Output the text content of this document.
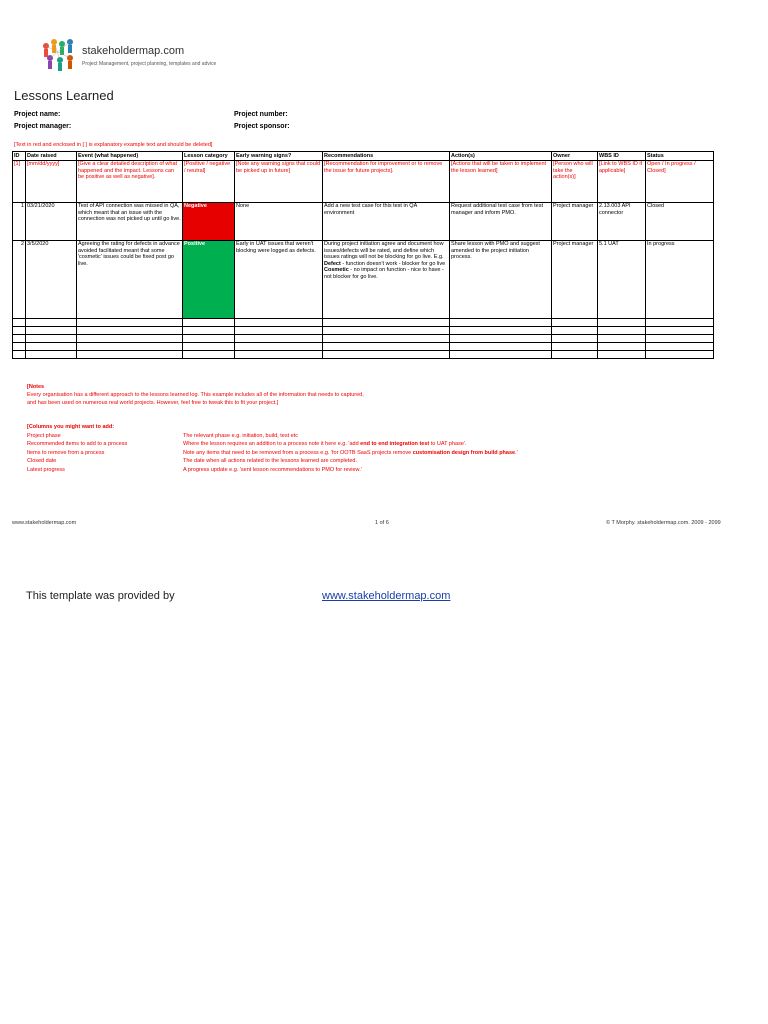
stakeholdermap.com
Project Management, project planning, templates and advice
Lessons Learned
Project name:
Project manager:
Project number:
Project sponsor:
[Text in red and enclosed in [ ] is explanatory example text and should be deleted]
ID	Date raised	Event (what happened)	Lesson category	Early warning signs?	Recommendations	Action(s)	Owner	WBS ID	Status
[1]	[mm/dd/yyyy]	[Give a clear detailed description of what happened and the impact. Lessons can be positive as well as negative].	[Positive / negative / neutral]	[Note any warning signs that could be picked up in future]	[Recommendation for improvement or to remove the issue for future projects].	[Actions that will be taken to implement the lesson learned]	[Person who will take the action(s)]	[Link to WBS ID if applicable]	Open / In progress / Closed]
1	03/21/2020	Test of API connection was missed in QA, which meant that an issue with the connection was not picked up until go live.	Negative	None	Add a new test case for this test in QA environment	Request additional test case from test manager and inform PMO.	Project manager	2.13.003 API connector	Closed
2	3/5/2020	Agreeing the rating for defects in advance avoided facilitated meant that some 'cosmetic' issues could be fixed post go live.	Positive	Early in UAT issues that weren't blocking were logged as defects.	During project initiation agree and document how issues/defects will be rated, and define which issues ratings will not be blocking for go live. E.g. Defect - function doesn't work - blocker for go live Cosmetic - no impact on function - nice to have - not blocker for go live.	Share lesson with PMO and suggest amended to the project initiation process.	Project manager	5.1 UAT	In progress

[Notes
Every organisation has a different approach to the lessons learned log. This example includes all of the information that needs to captured,
and has been used on numerous real world projects. However, feel free to tweak this to fit your project.]
[Columns you might want to add:
Project phase	The relevant phase e.g. initiation, build, test etc
Recommended items to add to a process	Where the lesson requires an addition to a process note it here e.g. 'add end to end integration test to UAT phase'.
Items to remove from a process	Note any items that need to be removed from a process e.g. 'for OOTB SaaS projects remove customisation design from build phase.'
Closed date	The date when all actions related to the lessons learned are completed.
Latest progress	A progress update e.g. 'sent lesson recommendations to PMO for review.'
www.stakeholdermap.com	1 of 6	© T Morphy. stakeholdermap.com. 2009 - 2099
This template was provided by	www.stakeholdermap.com
